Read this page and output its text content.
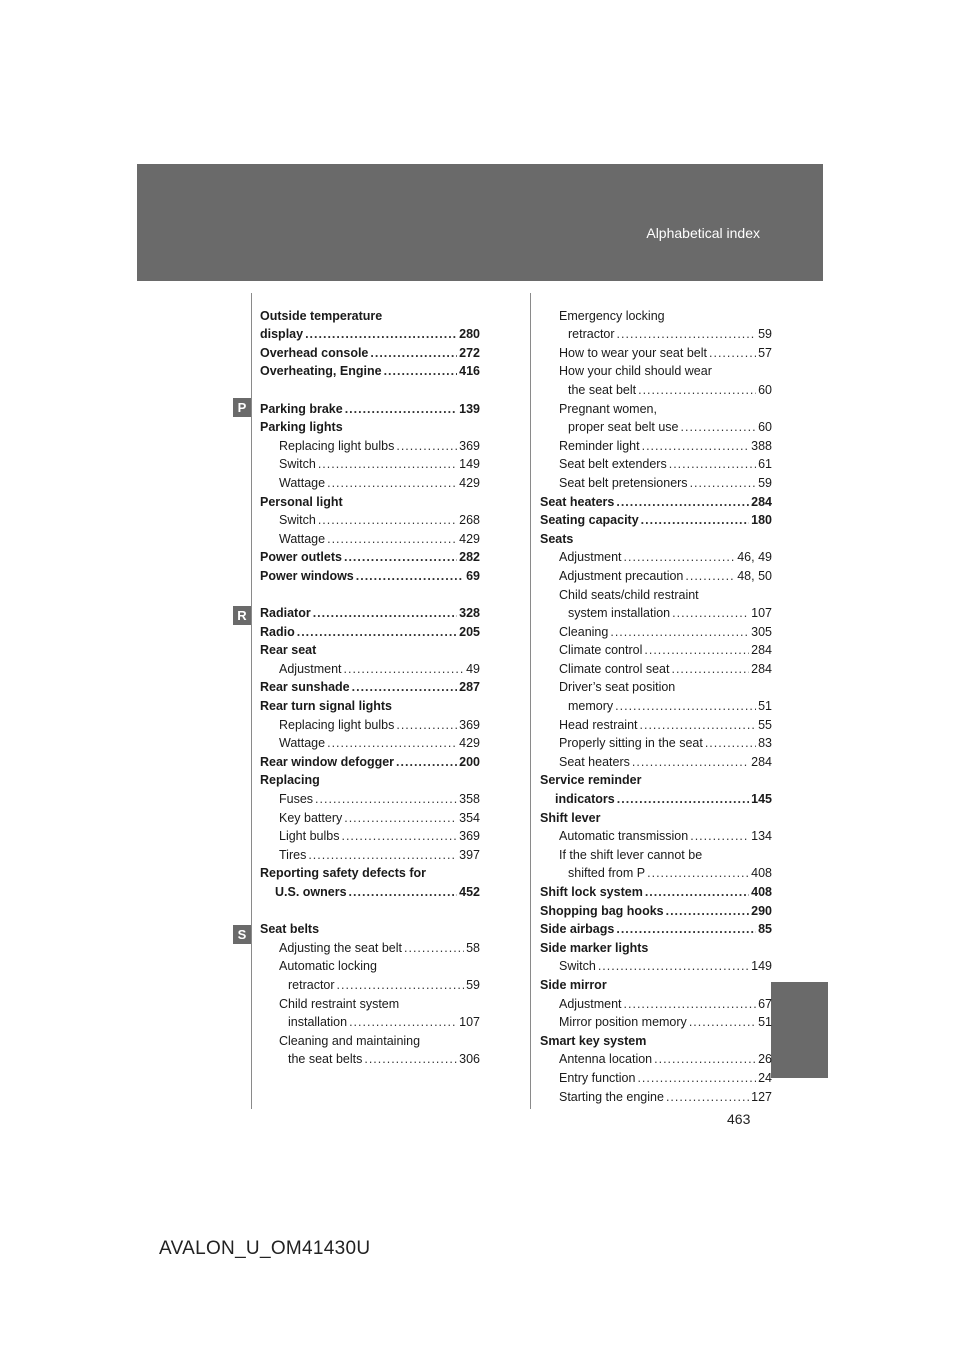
Alphabetical index
P
R
S
Outside temperature
display .....	280
Overhead console .....	272
Overheating, Engine .....	416
Parking brake .....	139
Parking lights
Replacing light bulbs .....	369
Switch .....	149
Wattage .....	429
Personal light
Switch .....	268
Wattage .....	429
Power outlets .....	282
Power windows .....	69
Radiator .....	328
Radio .....	205
Rear seat
Adjustment .....	49
Rear sunshade .....	287
Rear turn signal lights
Replacing light bulbs .....	369
Wattage .....	429
Rear window defogger .....	200
Replacing
Fuses .....	358
Key battery .....	354
Light bulbs .....	369
Tires .....	397
Reporting safety defects for
U.S. owners .....	452
Seat belts
Adjusting the seat belt .....	58
Automatic locking
retractor .....	59
Child restraint system
installation .....	107
Cleaning and maintaining
the seat belts .....	306
Emergency locking
retractor .....	59
How to wear your seat belt .....	57
How your child should wear
the seat belt .....	60
Pregnant women,
proper seat belt use .....	60
Reminder light .....	388
Seat belt extenders .....	61
Seat belt pretensioners .....	59
Seat heaters .....	284
Seating capacity .....	180
Seats
Adjustment .....	46, 49
Adjustment precaution .....	48, 50
Child seats/child restraint
system installation .....	107
Cleaning .....	305
Climate control .....	284
Climate control seat .....	284
Driver’s seat position
memory .....	51
Head restraint .....	55
Properly sitting in the seat .....	83
Seat heaters .....	284
Service reminder
indicators .....	145
Shift lever
Automatic transmission .....	134
If the shift lever cannot be
shifted from P .....	408
Shift lock system .....	408
Shopping bag hooks .....	290
Side airbags .....	85
Side marker lights
Switch .....	149
Side mirror
Adjustment .....	67
Mirror position memory .....	51
Smart key system
Antenna location .....	26
Entry function .....	24
Starting the engine .....	127
463
AVALON_U_OM41430U
